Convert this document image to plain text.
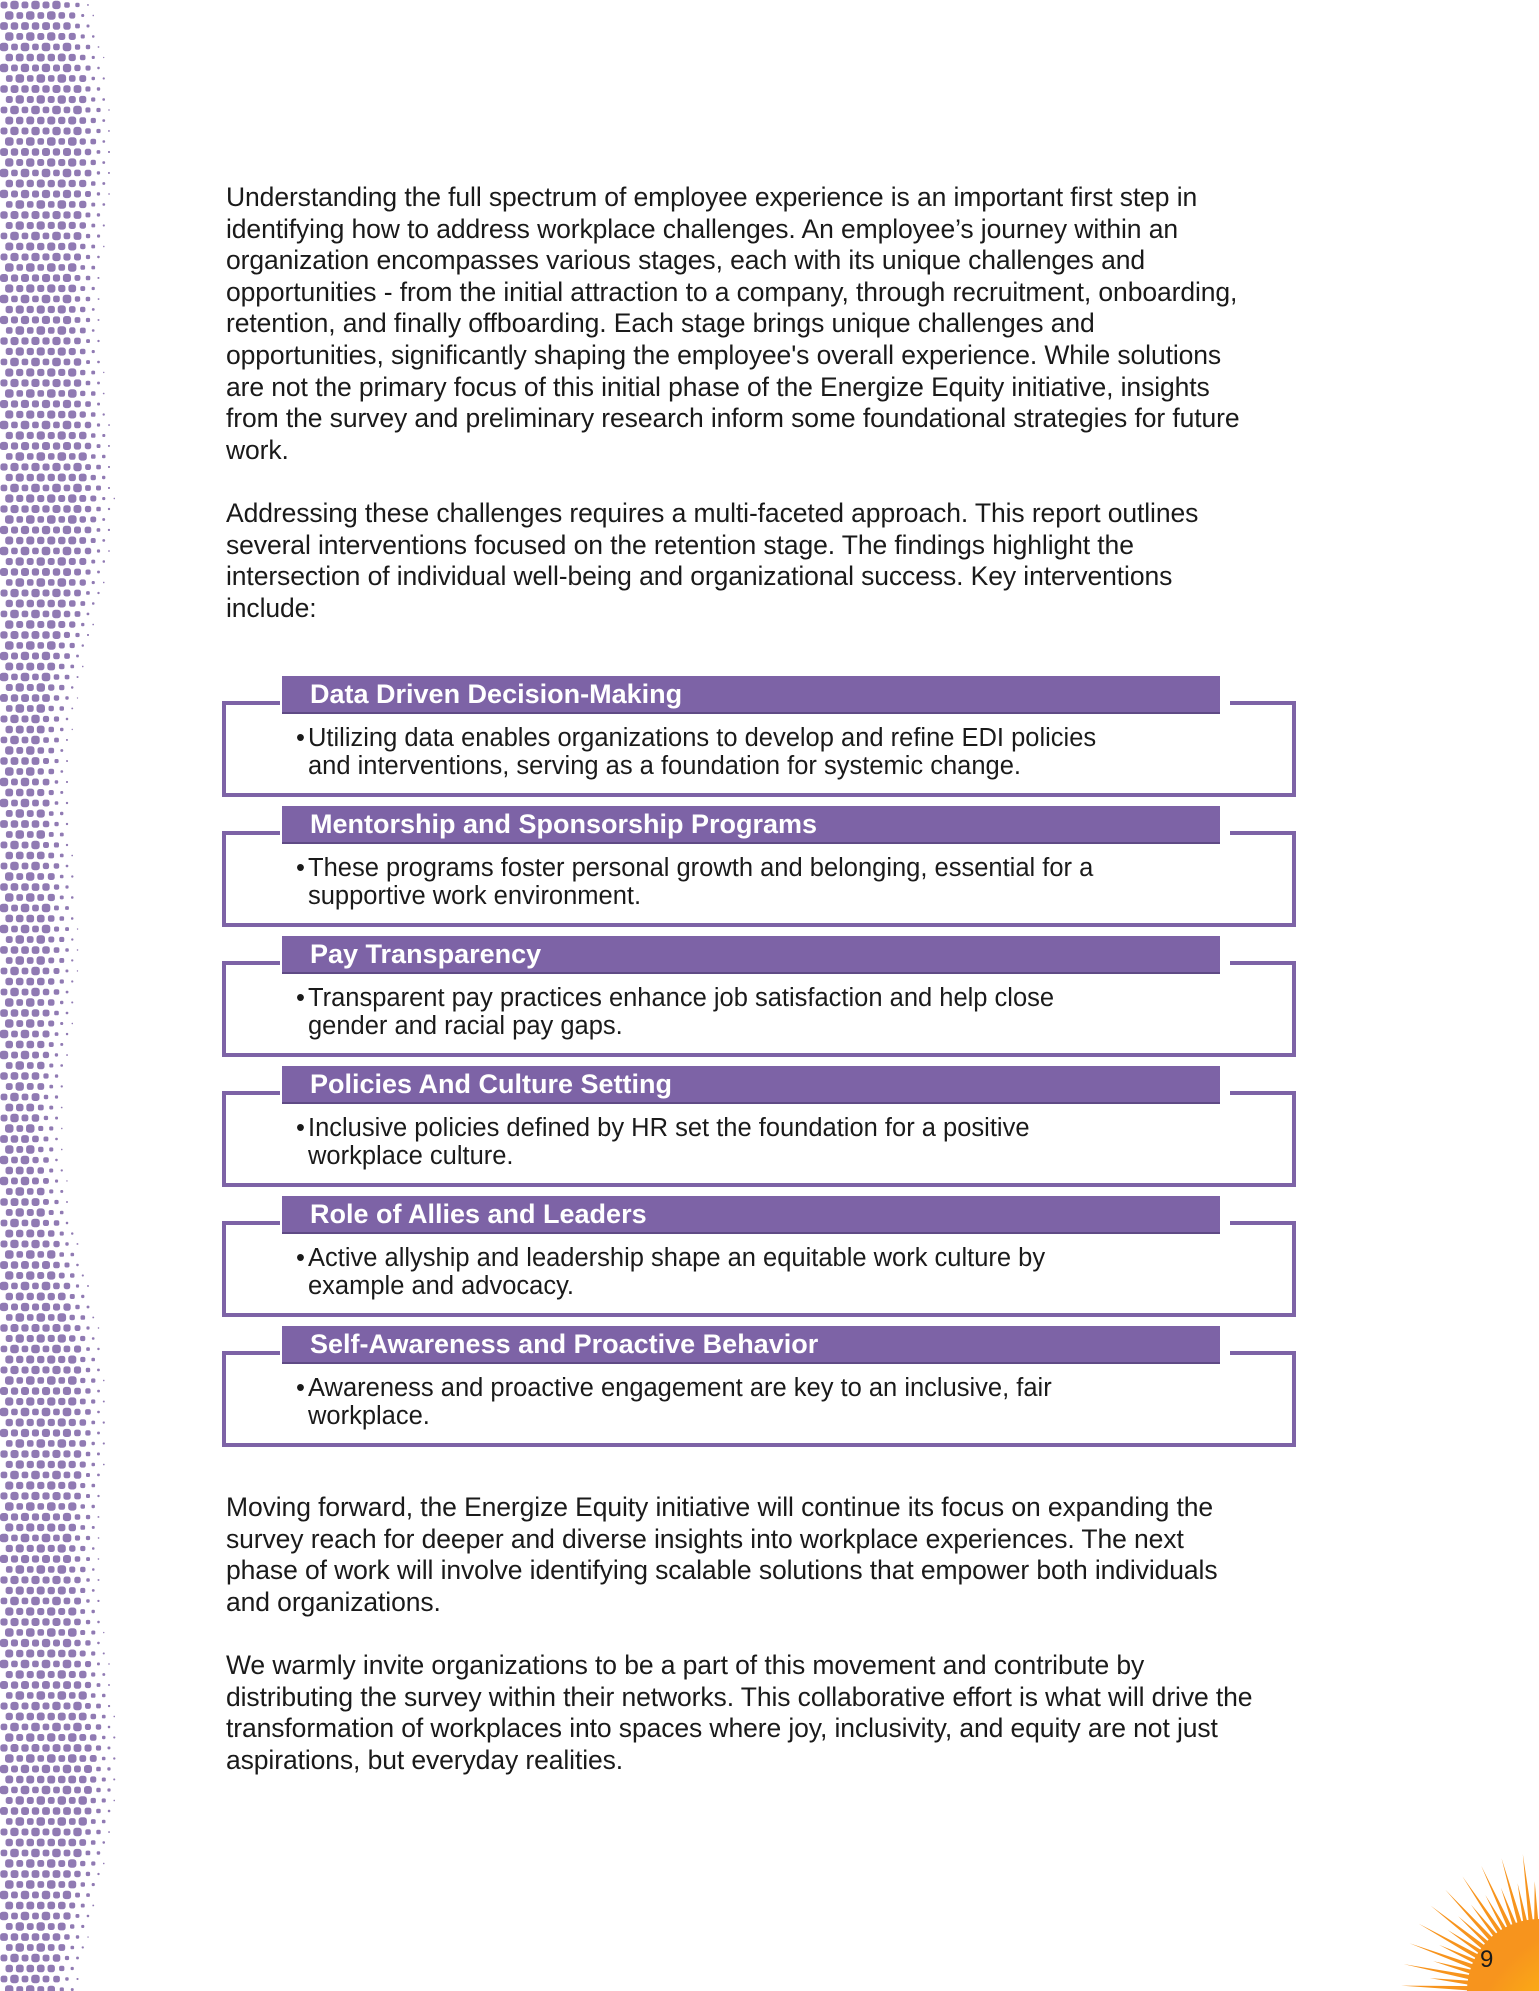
Understanding the full spectrum of employee experience is an important first step in
identifying how to address workplace challenges. An employee’s journey within an
organization encompasses various stages, each with its unique challenges and
opportunities - from the initial attraction to a company, through recruitment, onboarding,
retention, and finally offboarding. Each stage brings unique challenges and
opportunities, significantly shaping the employee's overall experience. While solutions
are not the primary focus of this initial phase of the Energize Equity initiative, insights
from the survey and preliminary research inform some foundational strategies for future
work.

Addressing these challenges requires a multi-faceted approach. This report outlines
several interventions focused on the retention stage. The findings highlight the
intersection of individual well-being and organizational success. Key interventions
include:

Data Driven Decision-Making
• Utilizing data enables organizations to develop and refine EDI policies
and interventions, serving as a foundation for systemic change.
Mentorship and Sponsorship Programs
• These programs foster personal growth and belonging, essential for a
supportive work environment.
Pay Transparency
• Transparent pay practices enhance job satisfaction and help close
gender and racial pay gaps.
Policies And Culture Setting
• Inclusive policies defined by HR set the foundation for a positive
workplace culture.
Role of Allies and Leaders
• Active allyship and leadership shape an equitable work culture by
example and advocacy.
Self-Awareness and Proactive Behavior
• Awareness and proactive engagement are key to an inclusive, fair
workplace.

Moving forward, the Energize Equity initiative will continue its focus on expanding the
survey reach for deeper and diverse insights into workplace experiences. The next
phase of work will involve identifying scalable solutions that empower both individuals
and organizations.

We warmly invite organizations to be a part of this movement and contribute by
distributing the survey within their networks. This collaborative effort is what will drive the
transformation of workplaces into spaces where joy, inclusivity, and equity are not just
aspirations, but everyday realities.

9
